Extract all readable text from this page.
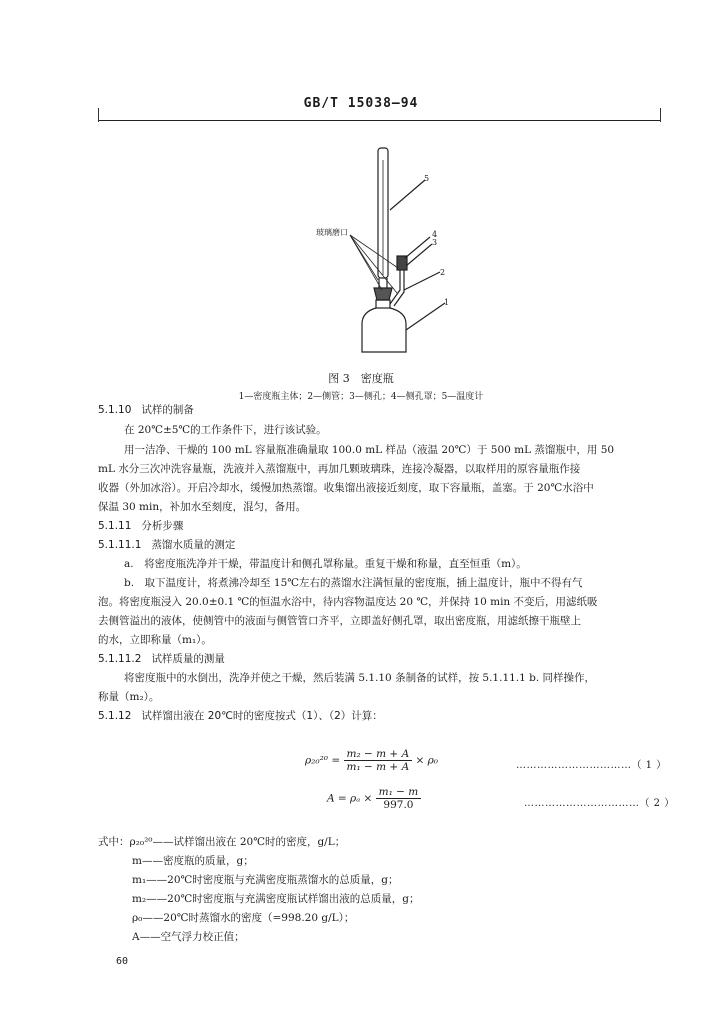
GB/T 15038—94
玻璃磨口
5
4
3
2
1
图 3　密度瓶
1—密度瓶主体；2—侧管；3—侧孔；4—侧孔罩；5—温度计
5.1.10 试样的制备
在 20℃±5℃的工作条件下，进行该试验。
用一洁净、干燥的 100 mL 容量瓶准确量取 100.0 mL 样品（液温 20℃）于 500 mL 蒸馏瓶中，用 50
mL 水分三次冲洗容量瓶，洗液并入蒸馏瓶中，再加几颗玻璃珠，连接冷凝器，以取样用的原容量瓶作接
收器（外加冰浴）。开启冷却水，缓慢加热蒸馏。收集馏出液接近刻度，取下容量瓶，盖塞。于 20℃水浴中
保温 30 min，补加水至刻度，混匀，备用。
5.1.11 分析步骤
5.1.11.1 蒸馏水质量的测定
a.　将密度瓶洗净并干燥，带温度计和侧孔罩称量。重复干燥和称量，直至恒重（m）。
b.　取下温度计，将煮沸冷却至 15℃左右的蒸馏水注满恒量的密度瓶，插上温度计，瓶中不得有气
泡。将密度瓶浸入 20.0±0.1 ℃的恒温水浴中，待内容物温度达 20 ℃，并保持 10 min 不变后，用滤纸吸
去侧管溢出的液体，使侧管中的液面与侧管管口齐平，立即盖好侧孔罩，取出密度瓶，用滤纸擦干瓶壁上
的水，立即称量（m₁）。
5.1.11.2 试样质量的测量
将密度瓶中的水倒出，洗净并使之干燥，然后装满 5.1.10 条制备的试样，按 5.1.11.1 b. 同样操作，
称量（m₂）。
5.1.12 试样馏出液在 20℃时的密度按式（1）、（2）计算：
$\rho_{20}^{20} = \frac{\text{m₂ − m + A}}{\text{m₁ − m + A}} \times \rho_0$	……………………………（ 1 ）
$A = \rho_a \times \frac{\text{m₁ − m}}{997.0}$	……………………………（ 2 ）
式中：ρ₂₀²⁰——试样馏出液在 20℃时的密度，g/L；
m——密度瓶的质量，g；
m₁——20℃时密度瓶与充满密度瓶蒸馏水的总质量，g；
m₂——20℃时密度瓶与充满密度瓶试样馏出液的总质量，g；
ρ₀——20℃时蒸馏水的密度（=998.20 g/L）；
A——空气浮力校正值；
60
